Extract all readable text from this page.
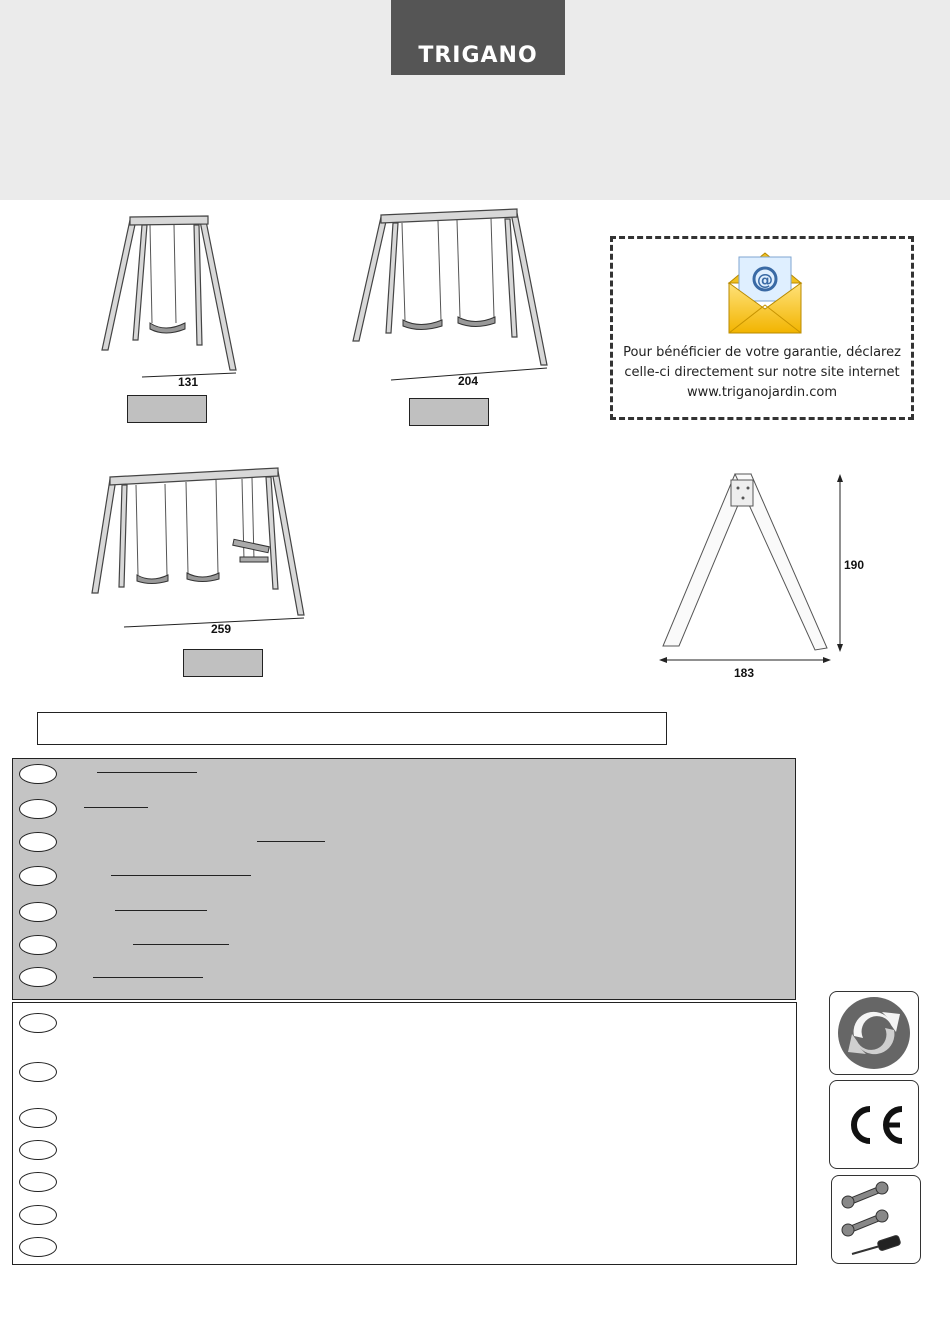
TRIGANO
131	204
@
Pour bénéficier de votre garantie, déclarez
celle-ci directement sur notre site internet
www.triganojardin.com
259
190
183
